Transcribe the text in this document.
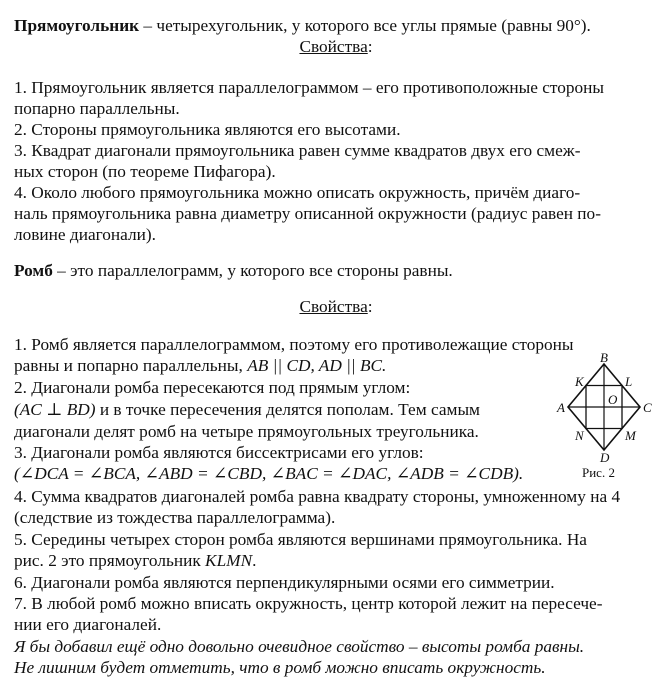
Прямоугольник – четырехугольник, у которого все углы прямые (равны 90°).
Свойства:
1. Прямоугольник является параллелограммом – его противоположные стороны
попарно параллельны.
2. Стороны прямоугольника являются его высотами.
3. Квадрат диагонали прямоугольника равен сумме квадратов двух его смеж-
ных сторон (по теореме Пифагора).
4. Около любого прямоугольника можно описать окружность, причём диаго-
наль прямоугольника равна диаметру описанной окружности (радиус равен по-
ловине диагонали).
Ромб – это параллелограмм, у которого все стороны равны.
Свойства:
1. Ромб является параллелограммом, поэтому его противолежащие стороны
равны и попарно параллельны, AB || CD, AD || BC.
2. Диагонали ромба пересекаются под прямым углом:
(AC ⊥ BD) и в точке пересечения делятся пополам. Тем самым
диагонали делят ромб на четыре прямоугольных треугольника.
3. Диагонали ромба являются биссектрисами его углов:
(∠DCA = ∠BCA, ∠ABD = ∠CBD, ∠BAC = ∠DAC, ∠ADB = ∠CDB).
4. Сумма квадратов диагоналей ромба равна квадрату стороны, умноженному на 4
(следствие из тождества параллелограмма).
5. Середины четырех сторон ромба являются вершинами прямоугольника. На
рис. 2 это прямоугольник KLMN.
6. Диагонали ромба являются перпендикулярными осями его симметрии.
7. В любой ромб можно вписать окружность, центр которой лежит на пересече-
нии его диагоналей.
Я бы добавил ещё одно довольно очевидное свойство – высоты ромба равны.
Не лишним будет отметить, что в ромб можно вписать окружность.
B
A	C
D
K	L
M
N
O
Рис. 2
